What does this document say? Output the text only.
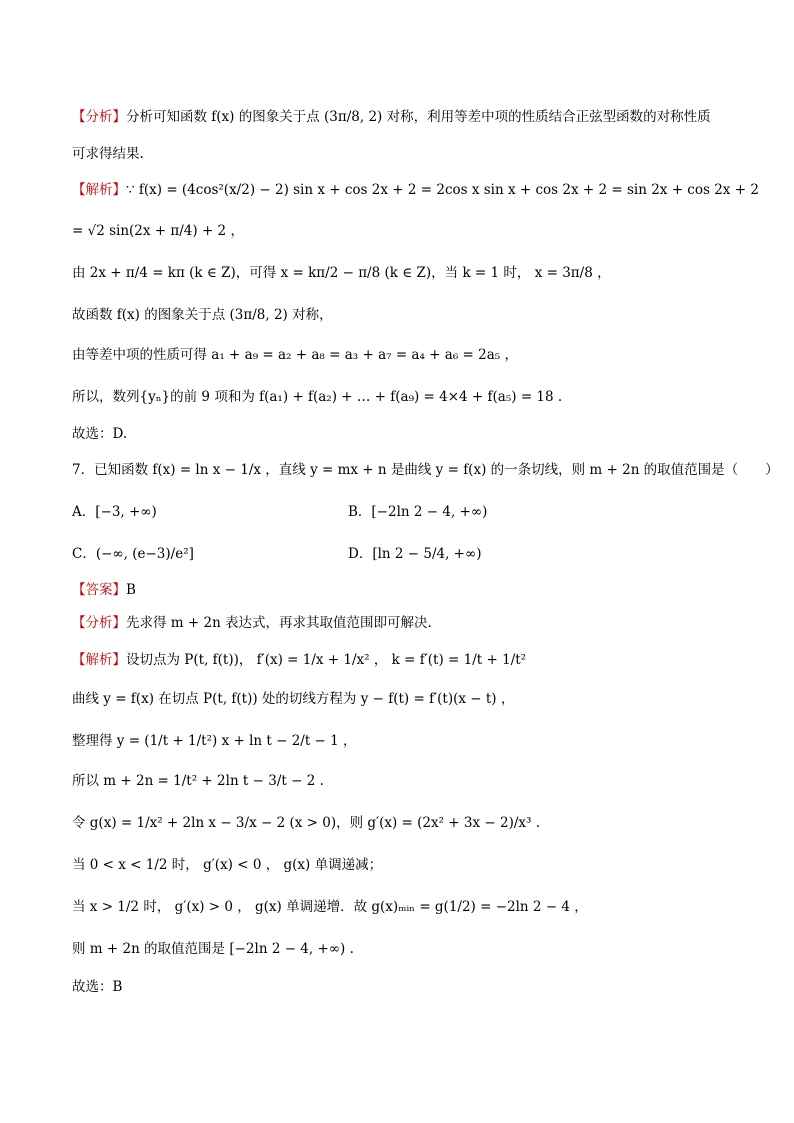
【分析】分析可知函数 f(x) 的图象关于点 (3π/8, 2) 对称，利用等差中项的性质结合正弦型函数的对称性质
可求得结果.
【解析】∵ f(x) = (4cos²(x/2) − 2) sin x + cos 2x + 2 = 2cos x sin x + cos 2x + 2 = sin 2x + cos 2x + 2
= √2 sin(2x + π/4) + 2 ，
由 2x + π/4 = kπ (k ∈ Z)，可得 x = kπ/2 − π/8 (k ∈ Z)，当 k = 1 时， x = 3π/8 ，
故函数 f(x) 的图象关于点 (3π/8, 2) 对称，
由等差中项的性质可得 a₁ + a₉ = a₂ + a₈ = a₃ + a₇ = a₄ + a₆ = 2a₅ ，
所以，数列{yₙ}的前 9 项和为 f(a₁) + f(a₂) + … + f(a₉) = 4×4 + f(a₅) = 18 .
故选：D.
7．已知函数 f(x) = ln x − 1/x ，直线 y = mx + n 是曲线 y = f(x) 的一条切线，则 m + 2n 的取值范围是（　　）
A．[−3, +∞)	B．[−2ln 2 − 4, +∞)
C．(−∞, (e−3)/e²]	D．[ln 2 − 5/4, +∞)
【答案】B
【分析】先求得 m + 2n 表达式，再求其取值范围即可解决.
【解析】设切点为 P(t, f(t))， f′(x) = 1/x + 1/x² ， k = f′(t) = 1/t + 1/t²
曲线 y = f(x) 在切点 P(t, f(t)) 处的切线方程为 y − f(t) = f′(t)(x − t) ，
整理得 y = (1/t + 1/t²) x + ln t − 2/t − 1 ，
所以 m + 2n = 1/t² + 2ln t − 3/t − 2 .
令 g(x) = 1/x² + 2ln x − 3/x − 2 (x > 0)，则 g′(x) = (2x² + 3x − 2)/x³ .
当 0 < x < 1/2 时， g′(x) < 0 ， g(x) 单调递减；
当 x > 1/2 时， g′(x) > 0 ， g(x) 单调递增．故 g(x)ₘᵢₙ = g(1/2) = −2ln 2 − 4 ，
则 m + 2n 的取值范围是 [−2ln 2 − 4, +∞) .
故选：B
